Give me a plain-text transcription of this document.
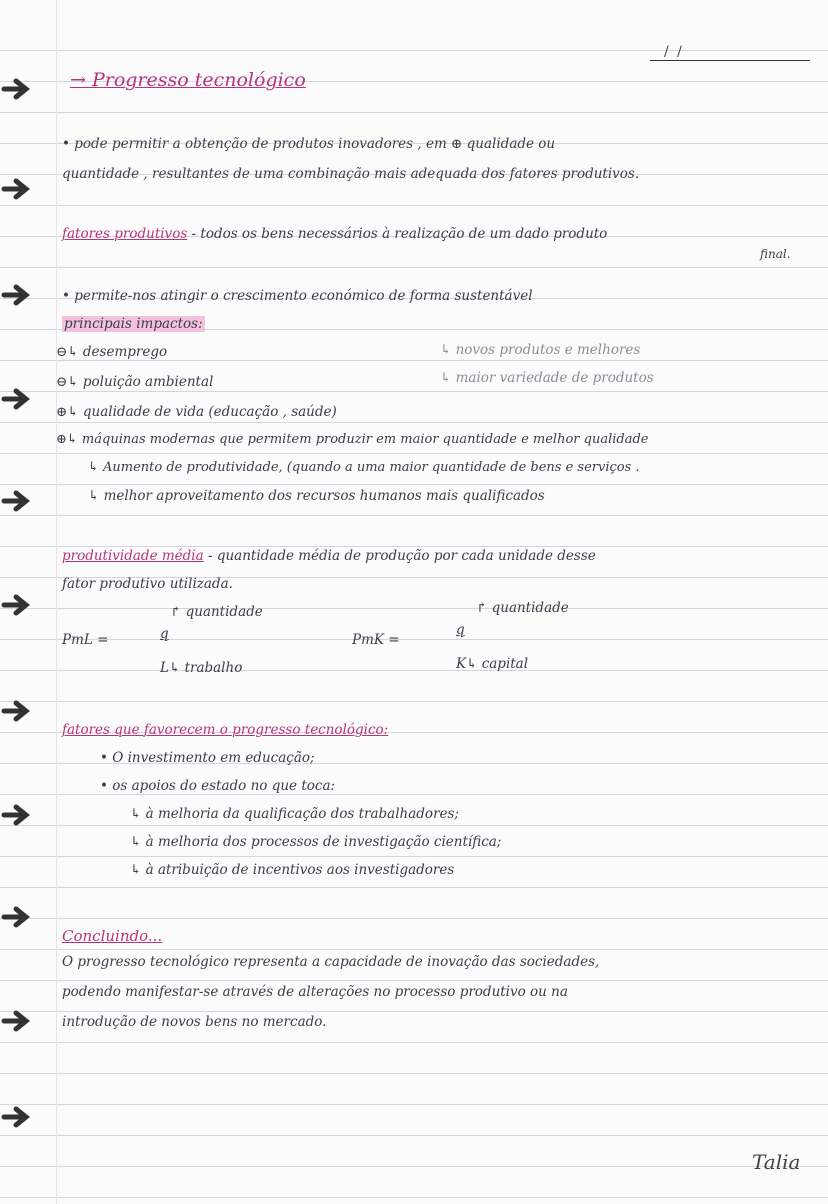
/ /
→ Progresso tecnológico
• pode permitir a obtenção de produtos inovadores , em ⊕ qualidade ou
quantidade , resultantes de uma combinação mais adequada dos fatores produtivos.
fatores produtivos - todos os bens necessários à realização de um dado produto
final.
• permite-nos atingir o crescimento económico de forma sustentável
principais impactos:
⊖↳ desemprego	↳ novos produtos e melhores
⊖↳ poluição ambiental	↳ maior variedade de produtos
⊕↳ qualidade de vida (educação , saúde)
⊕↳ máquinas modernas que permitem produzir em maior quantidade e melhor qualidade
↳ Aumento de produtividade, (quando a uma maior quantidade de bens e serviços .
↳ melhor aproveitamento dos recursos humanos mais qualificados
produtividade média - quantidade média de produção por cada unidade desse
fator produtivo utilizada.
↱ quantidade
PmL =	q
L↳ trabalho
↱ quantidade
PmK =
q
K↳ capital
fatores que favorecem o progresso tecnológico:
• O investimento em educação;
• os apoios do estado no que toca:
↳ à melhoria da qualificação dos trabalhadores;
↳ à melhoria dos processos de investigação científica;
↳ à atribuição de incentivos aos investigadores
Concluindo...
O progresso tecnológico representa a capacidade de inovação das sociedades,
podendo manifestar-se através de alterações no processo produtivo ou na
introdução de novos bens no mercado.
Talia
